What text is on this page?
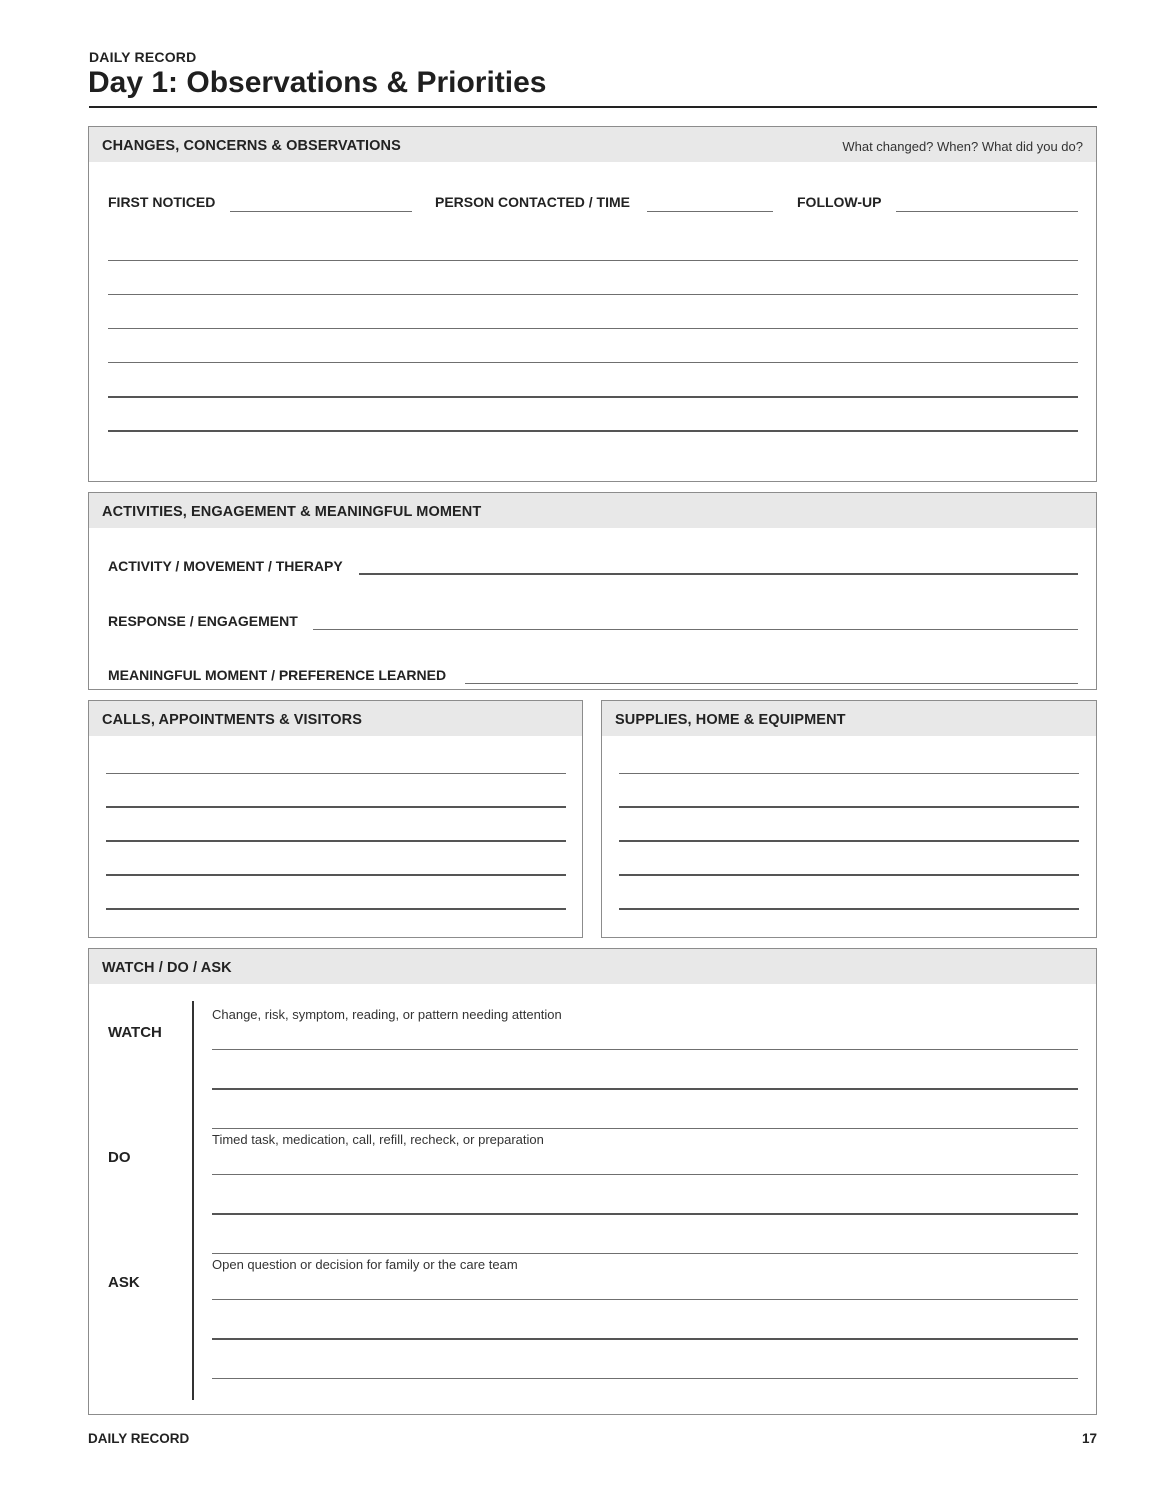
DAILY RECORD
Day 1: Observations & Priorities
CHANGES, CONCERNS & OBSERVATIONS	What changed? When? What did you do?
FIRST NOTICED	PERSON CONTACTED / TIME	FOLLOW-UP
ACTIVITIES, ENGAGEMENT & MEANINGFUL MOMENT
ACTIVITY / MOVEMENT / THERAPY
RESPONSE / ENGAGEMENT
MEANINGFUL MOMENT / PREFERENCE LEARNED
CALLS, APPOINTMENTS & VISITORS	SUPPLIES, HOME & EQUIPMENT
WATCH / DO / ASK
WATCH
Change, risk, symptom, reading, or pattern needing attention
DO
Timed task, medication, call, refill, recheck, or preparation
ASK
Open question or decision for family or the care team
DAILY RECORD	17
